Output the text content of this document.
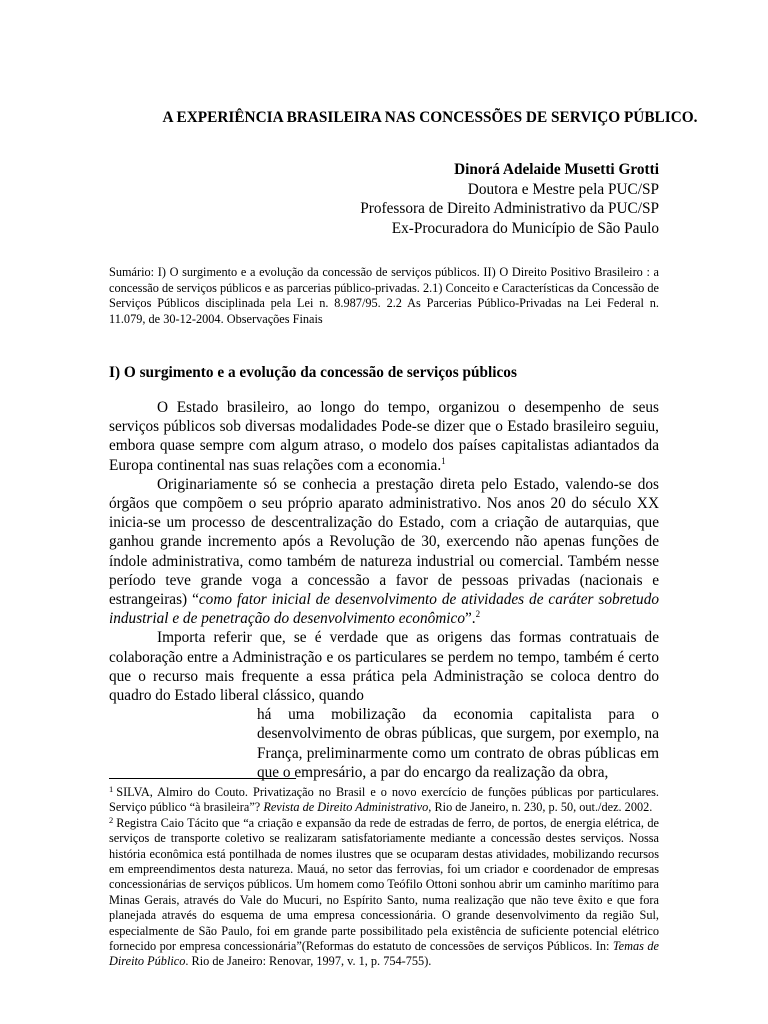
A EXPERIÊNCIA BRASILEIRA NAS CONCESSÕES DE SERVIÇO PÚBLICO.
Dinorá Adelaide Musetti Grotti
Doutora e Mestre pela PUC/SP
Professora de Direito Administrativo da PUC/SP
Ex-Procuradora do Município de São Paulo
Sumário: I) O surgimento e a evolução da concessão de serviços públicos. II) O Direito Positivo Brasileiro : a concessão de serviços públicos e as parcerias público-privadas. 2.1) Conceito e Características da Concessão de Serviços Públicos disciplinada pela Lei n. 8.987/95. 2.2 As Parcerias Público-Privadas na Lei Federal n. 11.079, de 30-12-2004. Observações Finais
I) O surgimento e a evolução da concessão de serviços públicos

O Estado brasileiro, ao longo do tempo, organizou o desempenho de seus serviços públicos sob diversas modalidades Pode-se dizer que o Estado brasileiro seguiu, embora quase sempre com algum atraso, o modelo dos países capitalistas adiantados da Europa continental nas suas relações com a economia.$^1$

Originariamente só se conhecia a prestação direta pelo Estado, valendo-se dos órgãos que compõem o seu próprio aparato administrativo. Nos anos 20 do século XX inicia-se um processo de descentralização do Estado, com a criação de autarquias, que ganhou grande incremento após a Revolução de 30, exercendo não apenas funções de índole administrativa, como também de natureza industrial ou comercial. Também nesse período teve grande voga a concessão a favor de pessoas privadas (nacionais e estrangeiras) “como fator inicial de desenvolvimento de atividades de caráter sobretudo industrial e de penetração do desenvolvimento econômico”.$^2$

Importa referir que, se é verdade que as origens das formas contratuais de colaboração entre a Administração e os particulares se perdem no tempo, também é certo que o recurso mais frequente a essa prática pela Administração se coloca dentro do quadro do Estado liberal clássico, quando

há uma mobilização da economia capitalista para o desenvolvimento de obras públicas, que surgem, por exemplo, na França, preliminarmente como um contrato de obras públicas em que o empresário, a par do encargo da realização da obra,

$^1$ SILVA, Almiro do Couto. Privatização no Brasil e o novo exercício de funções públicas por particulares. Serviço público “à brasileira”? Revista de Direito Administrativo, Rio de Janeiro, n. 230, p. 50, out./dez. 2002.

$^2$ Registra Caio Tácito que “a criação e expansão da rede de estradas de ferro, de portos, de energia elétrica, de serviços de transporte coletivo se realizaram satisfatoriamente mediante a concessão destes serviços. Nossa história econômica está pontilhada de nomes ilustres que se ocuparam destas atividades, mobilizando recursos em empreendimentos desta natureza. Mauá, no setor das ferrovias, foi um criador e coordenador de empresas concessionárias de serviços públicos. Um homem como Teófilo Ottoni sonhou abrir um caminho marítimo para Minas Gerais, através do Vale do Mucuri, no Espírito Santo, numa realização que não teve êxito e que fora planejada através do esquema de uma empresa concessionária. O grande desenvolvimento da região Sul, especialmente de São Paulo, foi em grande parte possibilitado pela existência de suficiente potencial elétrico fornecido por empresa concessionária”(Reformas do estatuto de concessões de serviços Públicos. In: Temas de Direito Público. Rio de Janeiro: Renovar, 1997, v. 1, p. 754-755).
